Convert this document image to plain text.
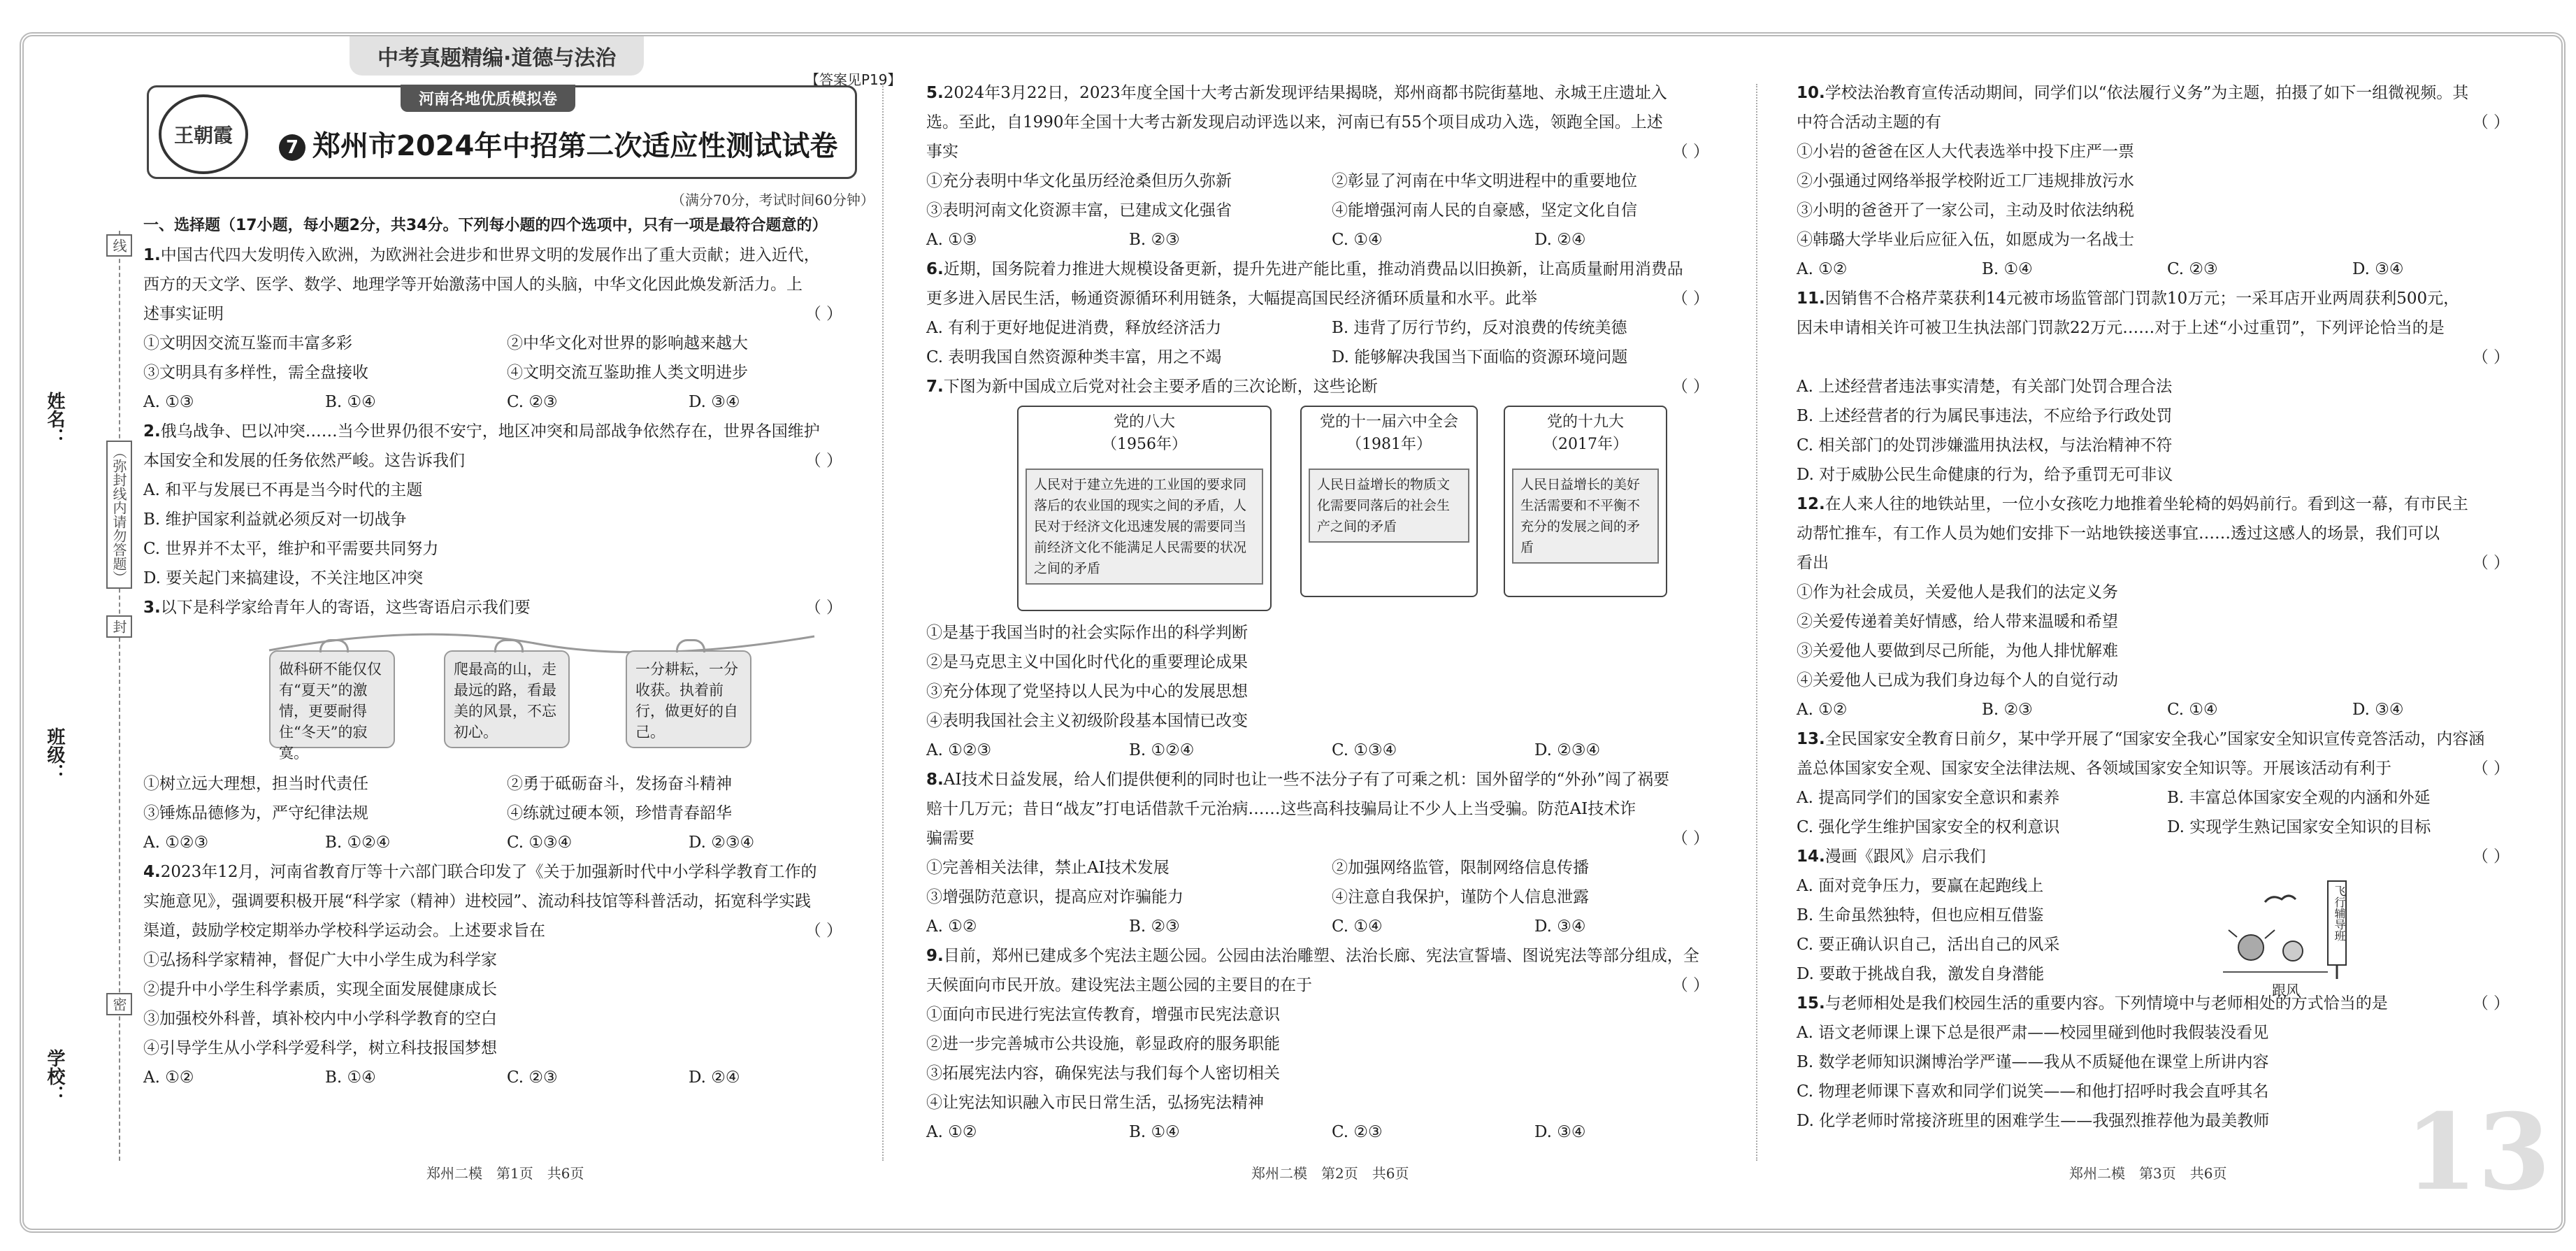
中考真题精编·道德与法治
【答案见P19】
河南各地优质模拟卷
王朝霞
7 郑州市2024年中招第二次适应性测试试卷
（满分70分，考试时间60分钟）
姓名：
班级：
学校：
（弥封线内请勿答题）
线
封
密

一、选择题（17小题，每小题2分，共34分。下列每小题的四个选项中，只有一项是最符合题意的）

1.中国古代四大发明传入欧洲，为欧洲社会进步和世界文明的发展作出了重大贡献；进入近代，

西方的天文学、医学、数学、地理学等开始激荡中国人的头脑，中华文化因此焕发新活力。上

述事实证明	（ ）

①文明因交流互鉴而丰富多彩	②中华文化对世界的影响越来越大
③文明具有多样性，需全盘接收	④文明交流互鉴助推人类文明进步
A. ①③	B. ①④	C. ②③	D. ③④

2.俄乌战争、巴以冲突……当今世界仍很不安宁，地区冲突和局部战争依然存在，世界各国维护

本国安全和发展的任务依然严峻。这告诉我们	（ ）

A. 和平与发展已不再是当今时代的主题

B. 维护国家利益就必须反对一切战争

C. 世界并不太平，维护和平需要共同努力

D. 要关起门来搞建设，不关注地区冲突

3.以下是科学家给青年人的寄语，这些寄语启示我们要	（ ）

做科研不能仅仅有“夏天”的激情，更要耐得住“冬天”的寂寞。
爬最高的山，走最远的路，看最美的风景，不忘初心。
一分耕耘，一分收获。执着前行，做更好的自己。
①树立远大理想，担当时代责任	②勇于砥砺奋斗，发扬奋斗精神
③锤炼品德修为，严守纪律法规	④练就过硬本领，珍惜青春韶华
A. ①②③	B. ①②④	C. ①③④	D. ②③④

4.2023年12月，河南省教育厅等十六部门联合印发了《关于加强新时代中小学科学教育工作的

实施意见》，强调要积极开展“科学家（精神）进校园”、流动科技馆等科普活动，拓宽科学实践

渠道，鼓励学校定期举办学校科学运动会。上述要求旨在	（ ）

①弘扬科学家精神，督促广大中小学生成为科学家

②提升中小学生科学素质，实现全面发展健康成长

③加强校外科普，填补校内中小学科学教育的空白

④引导学生从小学科学爱科学，树立科技报国梦想

A. ①②	B. ①④	C. ②③	D. ②④

5.2024年3月22日，2023年度全国十大考古新发现评结果揭晓，郑州商都书院街墓地、永城王庄遗址入

选。至此，自1990年全国十大考古新发现启动评选以来，河南已有55个项目成功入选，领跑全国。上述

事实	（ ）

①充分表明中华文化虽历经沧桑但历久弥新	②彰显了河南在中华文明进程中的重要地位
③表明河南文化资源丰富，已建成文化强省	④能增强河南人民的自豪感，坚定文化自信
A. ①③	B. ②③	C. ①④	D. ②④

6.近期，国务院着力推进大规模设备更新，提升先进产能比重，推动消费品以旧换新，让高质量耐用消费品

更多进入居民生活，畅通资源循环利用链条，大幅提高国民经济循环质量和水平。此举	（ ）

A. 有利于更好地促进消费，释放经济活力	B. 违背了厉行节约，反对浪费的传统美德
C. 表明我国自然资源种类丰富，用之不竭	D. 能够解决我国当下面临的资源环境问题

7.下图为新中国成立后党对社会主要矛盾的三次论断，这些论断	（ ）

党的八大
（1956年）
人民对于建立先进的工业国的要求同落后的农业国的现实之间的矛盾，人民对于经济文化迅速发展的需要同当前经济文化不能满足人民需要的状况之间的矛盾
党的十一届六中全会
（1981年）
人民日益增长的物质文化需要同落后的社会生产之间的矛盾
党的十九大
（2017年）
人民日益增长的美好生活需要和不平衡不充分的发展之间的矛盾

①是基于我国当时的社会实际作出的科学判断

②是马克思主义中国化时代化的重要理论成果

③充分体现了党坚持以人民为中心的发展思想

④表明我国社会主义初级阶段基本国情已改变

A. ①②③	B. ①②④	C. ①③④	D. ②③④

8.AI技术日益发展，给人们提供便利的同时也让一些不法分子有了可乘之机：国外留学的“外孙”闯了祸要

赔十几万元；昔日“战友”打电话借款千元治病……这些高科技骗局让不少人上当受骗。防范AI技术诈

骗需要	（ ）

①完善相关法律，禁止AI技术发展	②加强网络监管，限制网络信息传播
③增强防范意识，提高应对诈骗能力	④注意自我保护，谨防个人信息泄露
A. ①②	B. ②③	C. ①④	D. ③④

9.目前，郑州已建成多个宪法主题公园。公园由法治雕塑、法治长廊、宪法宣誓墙、图说宪法等部分组成，全

天候面向市民开放。建设宪法主题公园的主要目的在于	（ ）

①面向市民进行宪法宣传教育，增强市民宪法意识

②进一步完善城市公共设施，彰显政府的服务职能

③拓展宪法内容，确保宪法与我们每个人密切相关

④让宪法知识融入市民日常生活，弘扬宪法精神

A. ①②	B. ①④	C. ②③	D. ③④

10.学校法治教育宣传活动期间，同学们以“依法履行义务”为主题，拍摄了如下一组微视频。其

中符合活动主题的有	（ ）

①小岩的爸爸在区人大代表选举中投下庄严一票

②小强通过网络举报学校附近工厂违规排放污水

③小明的爸爸开了一家公司，主动及时依法纳税

④韩璐大学毕业后应征入伍，如愿成为一名战士

A. ①②	B. ①④	C. ②③	D. ③④

11.因销售不合格芹菜获利14元被市场监管部门罚款10万元；一采耳店开业两周获利500元，

因未申请相关许可被卫生执法部门罚款22万元……对于上述“小过重罚”，下列评论恰当的是

（ ）

A. 上述经营者违法事实清楚，有关部门处罚合理合法

B. 上述经营者的行为属民事违法，不应给予行政处罚

C. 相关部门的处罚涉嫌滥用执法权，与法治精神不符

D. 对于威胁公民生命健康的行为，给予重罚无可非议

12.在人来人往的地铁站里，一位小女孩吃力地推着坐轮椅的妈妈前行。看到这一幕，有市民主

动帮忙推车，有工作人员为她们安排下一站地铁接送事宜……透过这感人的场景，我们可以

看出	（ ）

①作为社会成员，关爱他人是我们的法定义务

②关爱传递着美好情感，给人带来温暖和希望

③关爱他人要做到尽己所能，为他人排忧解难

④关爱他人已成为我们身边每个人的自觉行动

A. ①②	B. ②③	C. ①④	D. ③④

13.全民国家安全教育日前夕，某中学开展了“国家安全我心”国家安全知识宣传竞答活动，内容涵

盖总体国家安全观、国家安全法律法规、各领域国家安全知识等。开展该活动有利于	（ ）

A. 提高同学们的国家安全意识和素养	B. 丰富总体国家安全观的内涵和外延
C. 强化学生维护国家安全的权利意识	D. 实现学生熟记国家安全知识的目标

14.漫画《跟风》启示我们	（ ）

A. 面对竞争压力，要赢在起跑线上

B. 生命虽然独特，但也应相互借鉴

C. 要正确认识自己，活出自己的风采

D. 要敢于挑战自我，激发自身潜能

15.与老师相处是我们校园生活的重要内容。下列情境中与老师相处的方式恰当的是	（ ）

A. 语文老师课上课下总是很严肃——校园里碰到他时我假装没看见

B. 数学老师知识渊博治学严谨——我从不质疑他在课堂上所讲内容

C. 物理老师课下喜欢和同学们说笑——和他打招呼时我会直呼其名

D. 化学老师时常接济班里的困难学生——我强烈推荐他为最美教师

飞行辅导班
跟风
郑州二模　第1页　共6页	郑州二模　第2页　共6页	郑州二模　第3页　共6页 13
